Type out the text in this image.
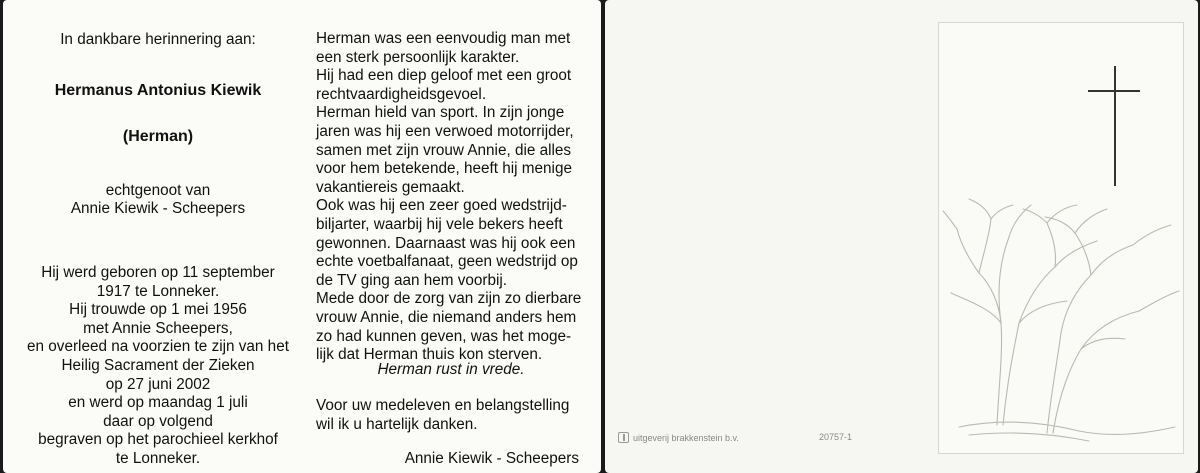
In dankbare herinnering aan:
Hermanus Antonius Kiewik
(Herman)
echtgenoot van
Annie Kiewik - Scheepers
Hij werd geboren op 11 september
1917 te Lonneker.
Hij trouwde op 1 mei 1956
met Annie Scheepers,
en overleed na voorzien te zijn van het
Heilig Sacrament der Zieken
op 27 juni 2002
en werd op maandag 1 juli
daar op volgend
begraven op het parochieel kerkhof
te Lonneker.
Herman was een eenvoudig man met
een sterk persoonlijk karakter.
Hij had een diep geloof met een groot
rechtvaardigheidsgevoel.
Herman hield van sport. In zijn jonge
jaren was hij een verwoed motorrijder,
samen met zijn vrouw Annie, die alles
voor hem betekende, heeft hij menige
vakantiereis gemaakt.
Ook was hij een zeer goed wedstrijd-
biljarter, waarbij hij vele bekers heeft
gewonnen. Daarnaast was hij ook een
echte voetbalfanaat, geen wedstrijd op
de TV ging aan hem voorbij.
Mede door de zorg van zijn zo dierbare
vrouw Annie, die niemand anders hem
zo had kunnen geven, was het moge-
lijk dat Herman thuis kon sterven.
Herman rust in vrede.
Voor uw medeleven en belangstelling
wil ik u hartelijk danken.
Annie Kiewik - Scheepers
uitgeverij brakkenstein b.v.	20757-1
